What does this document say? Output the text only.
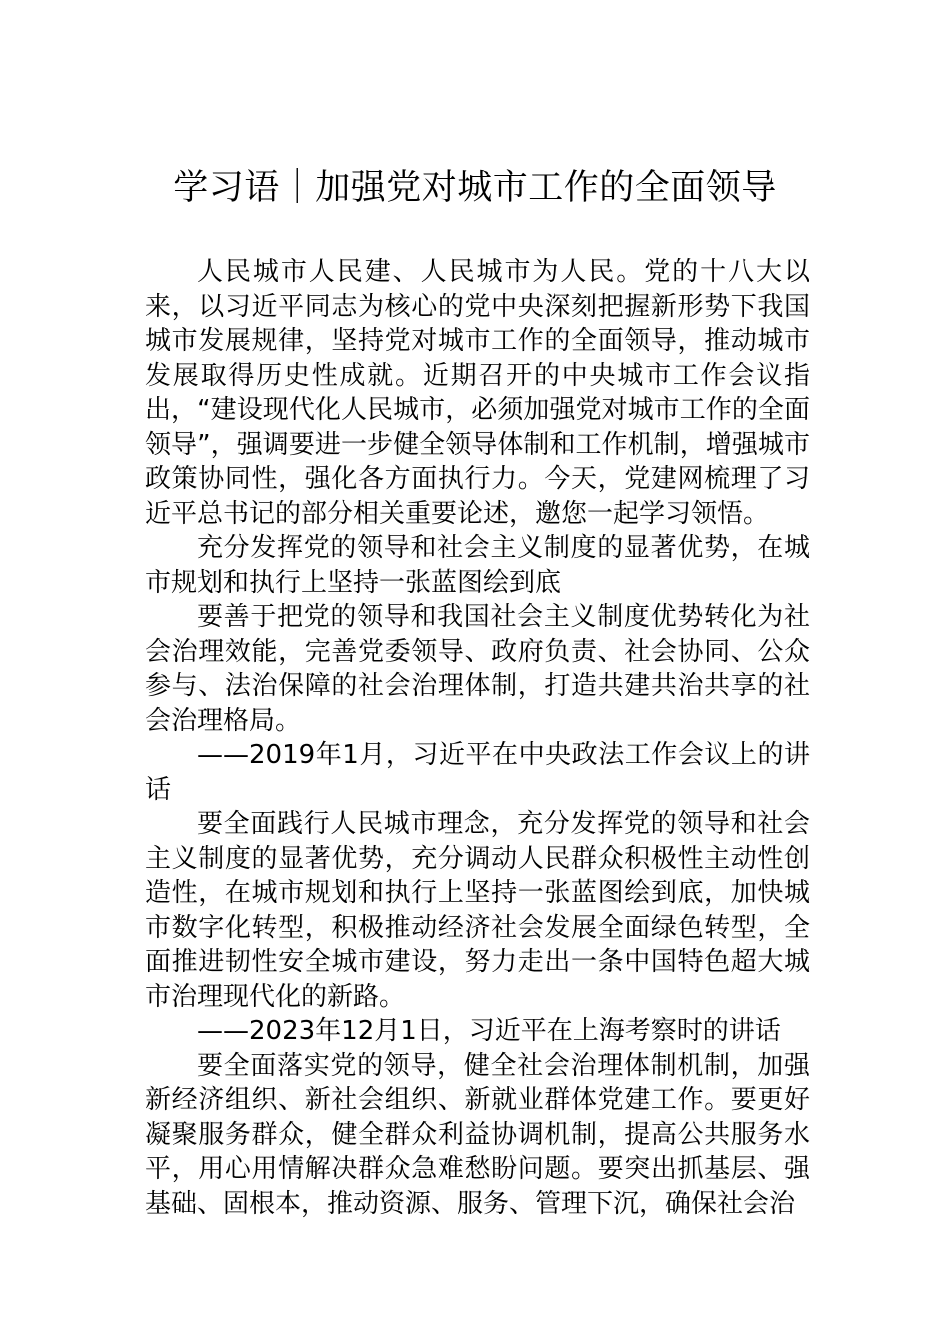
学习语｜加强党对城市工作的全面领导

人民城市人民建、人民城市为人民。党的十八大以来，以习近平同志为核心的党中央深刻把握新形势下我国城市发展规律，坚持党对城市工作的全面领导，推动城市发展取得历史性成就。近期召开的中央城市工作会议指出，“建设现代化人民城市，必须加强党对城市工作的全面领导”，强调要进一步健全领导体制和工作机制，增强城市政策协同性，强化各方面执行力。今天，党建网梳理了习近平总书记的部分相关重要论述，邀您一起学习领悟。

充分发挥党的领导和社会主义制度的显著优势，在城市规划和执行上坚持一张蓝图绘到底

要善于把党的领导和我国社会主义制度优势转化为社会治理效能，完善党委领导、政府负责、社会协同、公众参与、法治保障的社会治理体制，打造共建共治共享的社会治理格局。

——2019年1月，习近平在中央政法工作会议上的讲话

要全面践行人民城市理念，充分发挥党的领导和社会主义制度的显著优势，充分调动人民群众积极性主动性创造性，在城市规划和执行上坚持一张蓝图绘到底，加快城市数字化转型，积极推动经济社会发展全面绿色转型，全面推进韧性安全城市建设，努力走出一条中国特色超大城市治理现代化的新路。

——2023年12月1日，习近平在上海考察时的讲话

要全面落实党的领导，健全社会治理体制机制，加强新经济组织、新社会组织、新就业群体党建工作。要更好凝聚服务群众，健全群众利益协调机制，提高公共服务水平，用心用情解决群众急难愁盼问题。要突出抓基层、强基础、固根本，推动资源、服务、管理下沉，确保社会治
